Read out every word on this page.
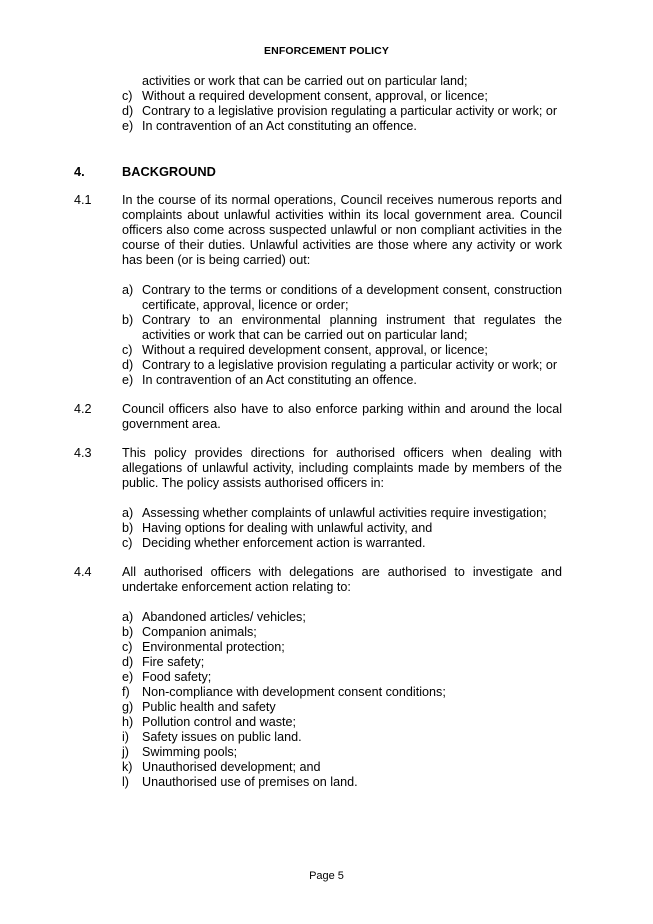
ENFORCEMENT POLICY
activities or work that can be carried out on particular land;
c) Without a required development consent, approval, or licence;
d) Contrary to a legislative provision regulating a particular activity or work; or
e) In contravention of an Act constituting an offence.
4.	BACKGROUND
4.1	In the course of its normal operations, Council receives numerous reports and complaints about unlawful activities within its local government area. Council officers also come across suspected unlawful or non compliant activities in the course of their duties. Unlawful activities are those where any activity or work has been (or is being carried) out:
a) Contrary to the terms or conditions of a development consent, construction certificate, approval, licence or order;
b) Contrary to an environmental planning instrument that regulates the activities or work that can be carried out on particular land;
c) Without a required development consent, approval, or licence;
d) Contrary to a legislative provision regulating a particular activity or work; or
e) In contravention of an Act constituting an offence.
4.2	Council officers also have to also enforce parking within and around the local government area.
4.3	This policy provides directions for authorised officers when dealing with allegations of unlawful activity, including complaints made by members of the public. The policy assists authorised officers in:
a) Assessing whether complaints of unlawful activities require investigation;
b) Having options for dealing with unlawful activity, and
c) Deciding whether enforcement action is warranted.
4.4	All authorised officers with delegations are authorised to investigate and undertake enforcement action relating to:
a) Abandoned articles/ vehicles;
b) Companion animals;
c) Environmental protection;
d) Fire safety;
e) Food safety;
f) Non-compliance with development consent conditions;
g) Public health and safety
h) Pollution control and waste;
i)	Safety issues on public land.
j)	Swimming pools;
k) Unauthorised development; and
l)	Unauthorised use of premises on land.
Page 5
